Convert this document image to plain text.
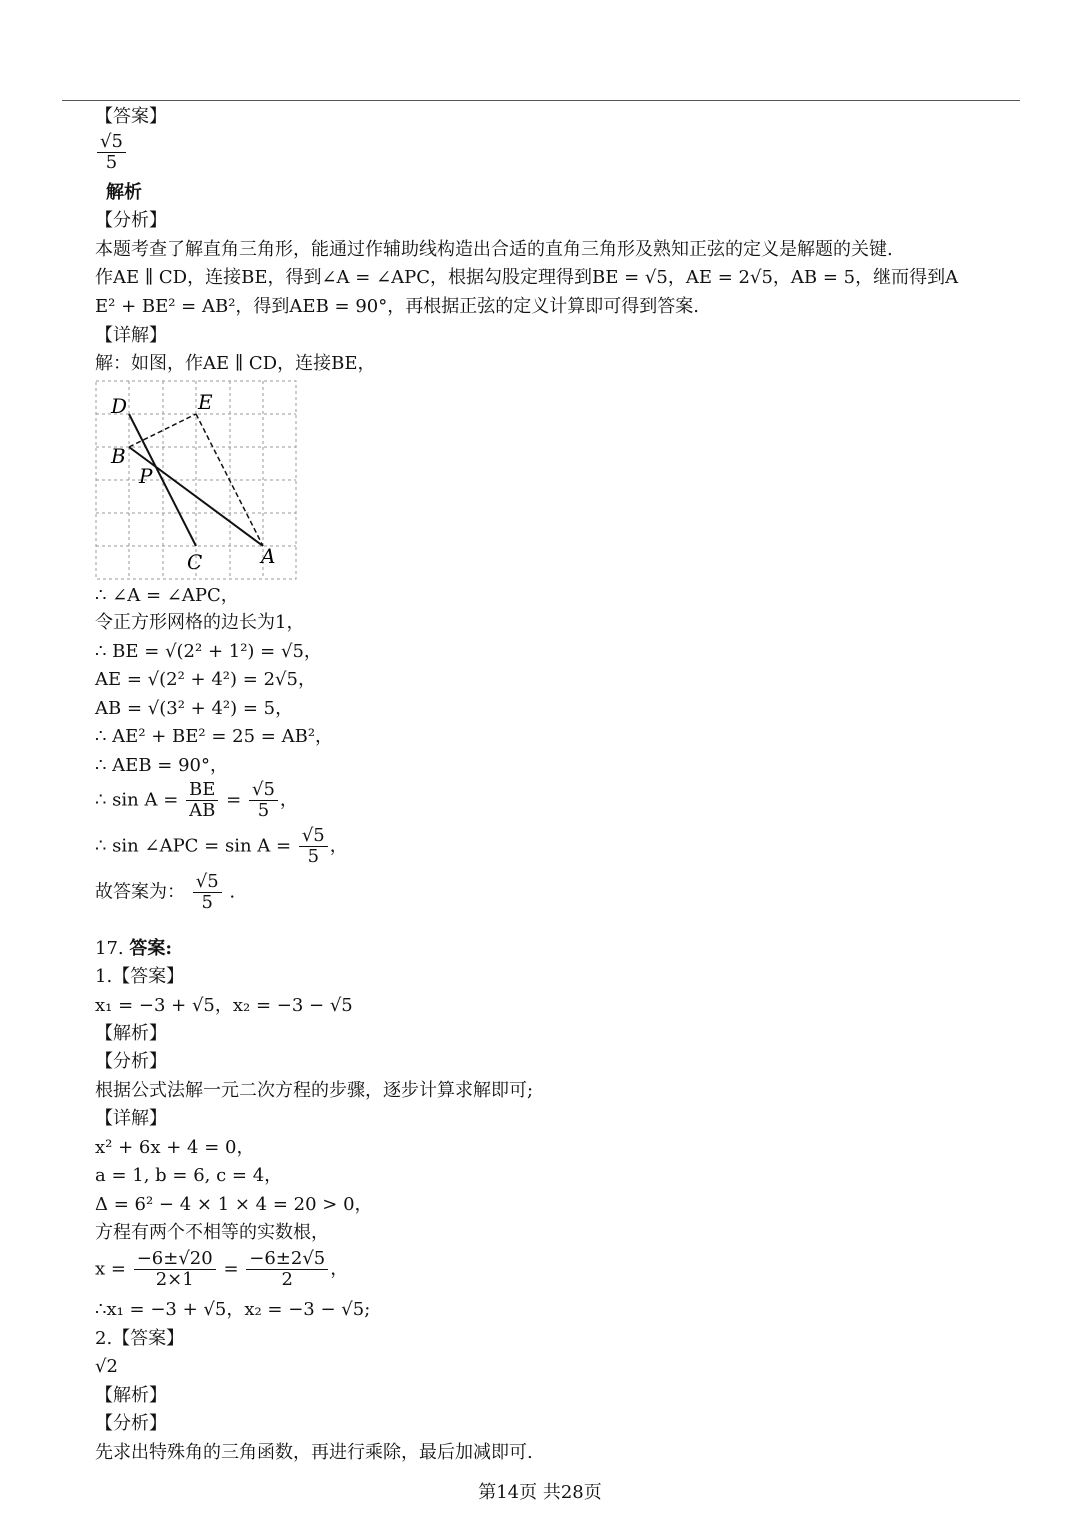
【答案】
$\frac{√5}{5}$
解析
【分析】
本题考查了解直角三角形，能通过作辅助线构造出合适的直角三角形及熟知正弦的定义是解题的关键.
作AE ∥ CD，连接BE，得到∠A = ∠APC，根据勾股定理得到BE = √5，AE = 2√5，AB = 5，继而得到A
E² + BE² = AB²，得到AEB = 90°，再根据正弦的定义计算即可得到答案.
【详解】
解：如图，作AE ∥ CD，连接BE，
D	E
B
P
C	A
∴ ∠A = ∠APC，
令正方形网格的边长为1，
∴ BE = √(2² + 1²) = √5，
AE = √(2² + 4²) = 2√5，
AB = √(3² + 4²) = 5，
∴ AE² + BE² = 25 = AB²，
∴ AEB = 90°，
∴ $\sin A = \frac{BE}{AB} = \frac{√5}{5}$ ，
∴ sin ∠APC = $\sin A = \frac{√5}{5}$ ，
故答案为： $\frac{√5}{5}$ .
17. 答案:
1.【答案】
x₁ = −3 + √5，x₂ = −3 − √5
【解析】
【分析】
根据公式法解一元二次方程的步骤，逐步计算求解即可;
【详解】
x² + 6x + 4 = 0，
a = 1, b = 6, c = 4，
Δ = 6² − 4 × 1 × 4 = 20 > 0，
方程有两个不相等的实数根，
$x = \frac{-6\pm√20}{2\times 1} = \frac{-6\pm 2√5}{2}$ ，
∴x₁ = −3 + √5，x₂ = −3 − √5;
2.【答案】
√2
【解析】
【分析】
先求出特殊角的三角函数，再进行乘除，最后加减即可.
第14页 共28页
